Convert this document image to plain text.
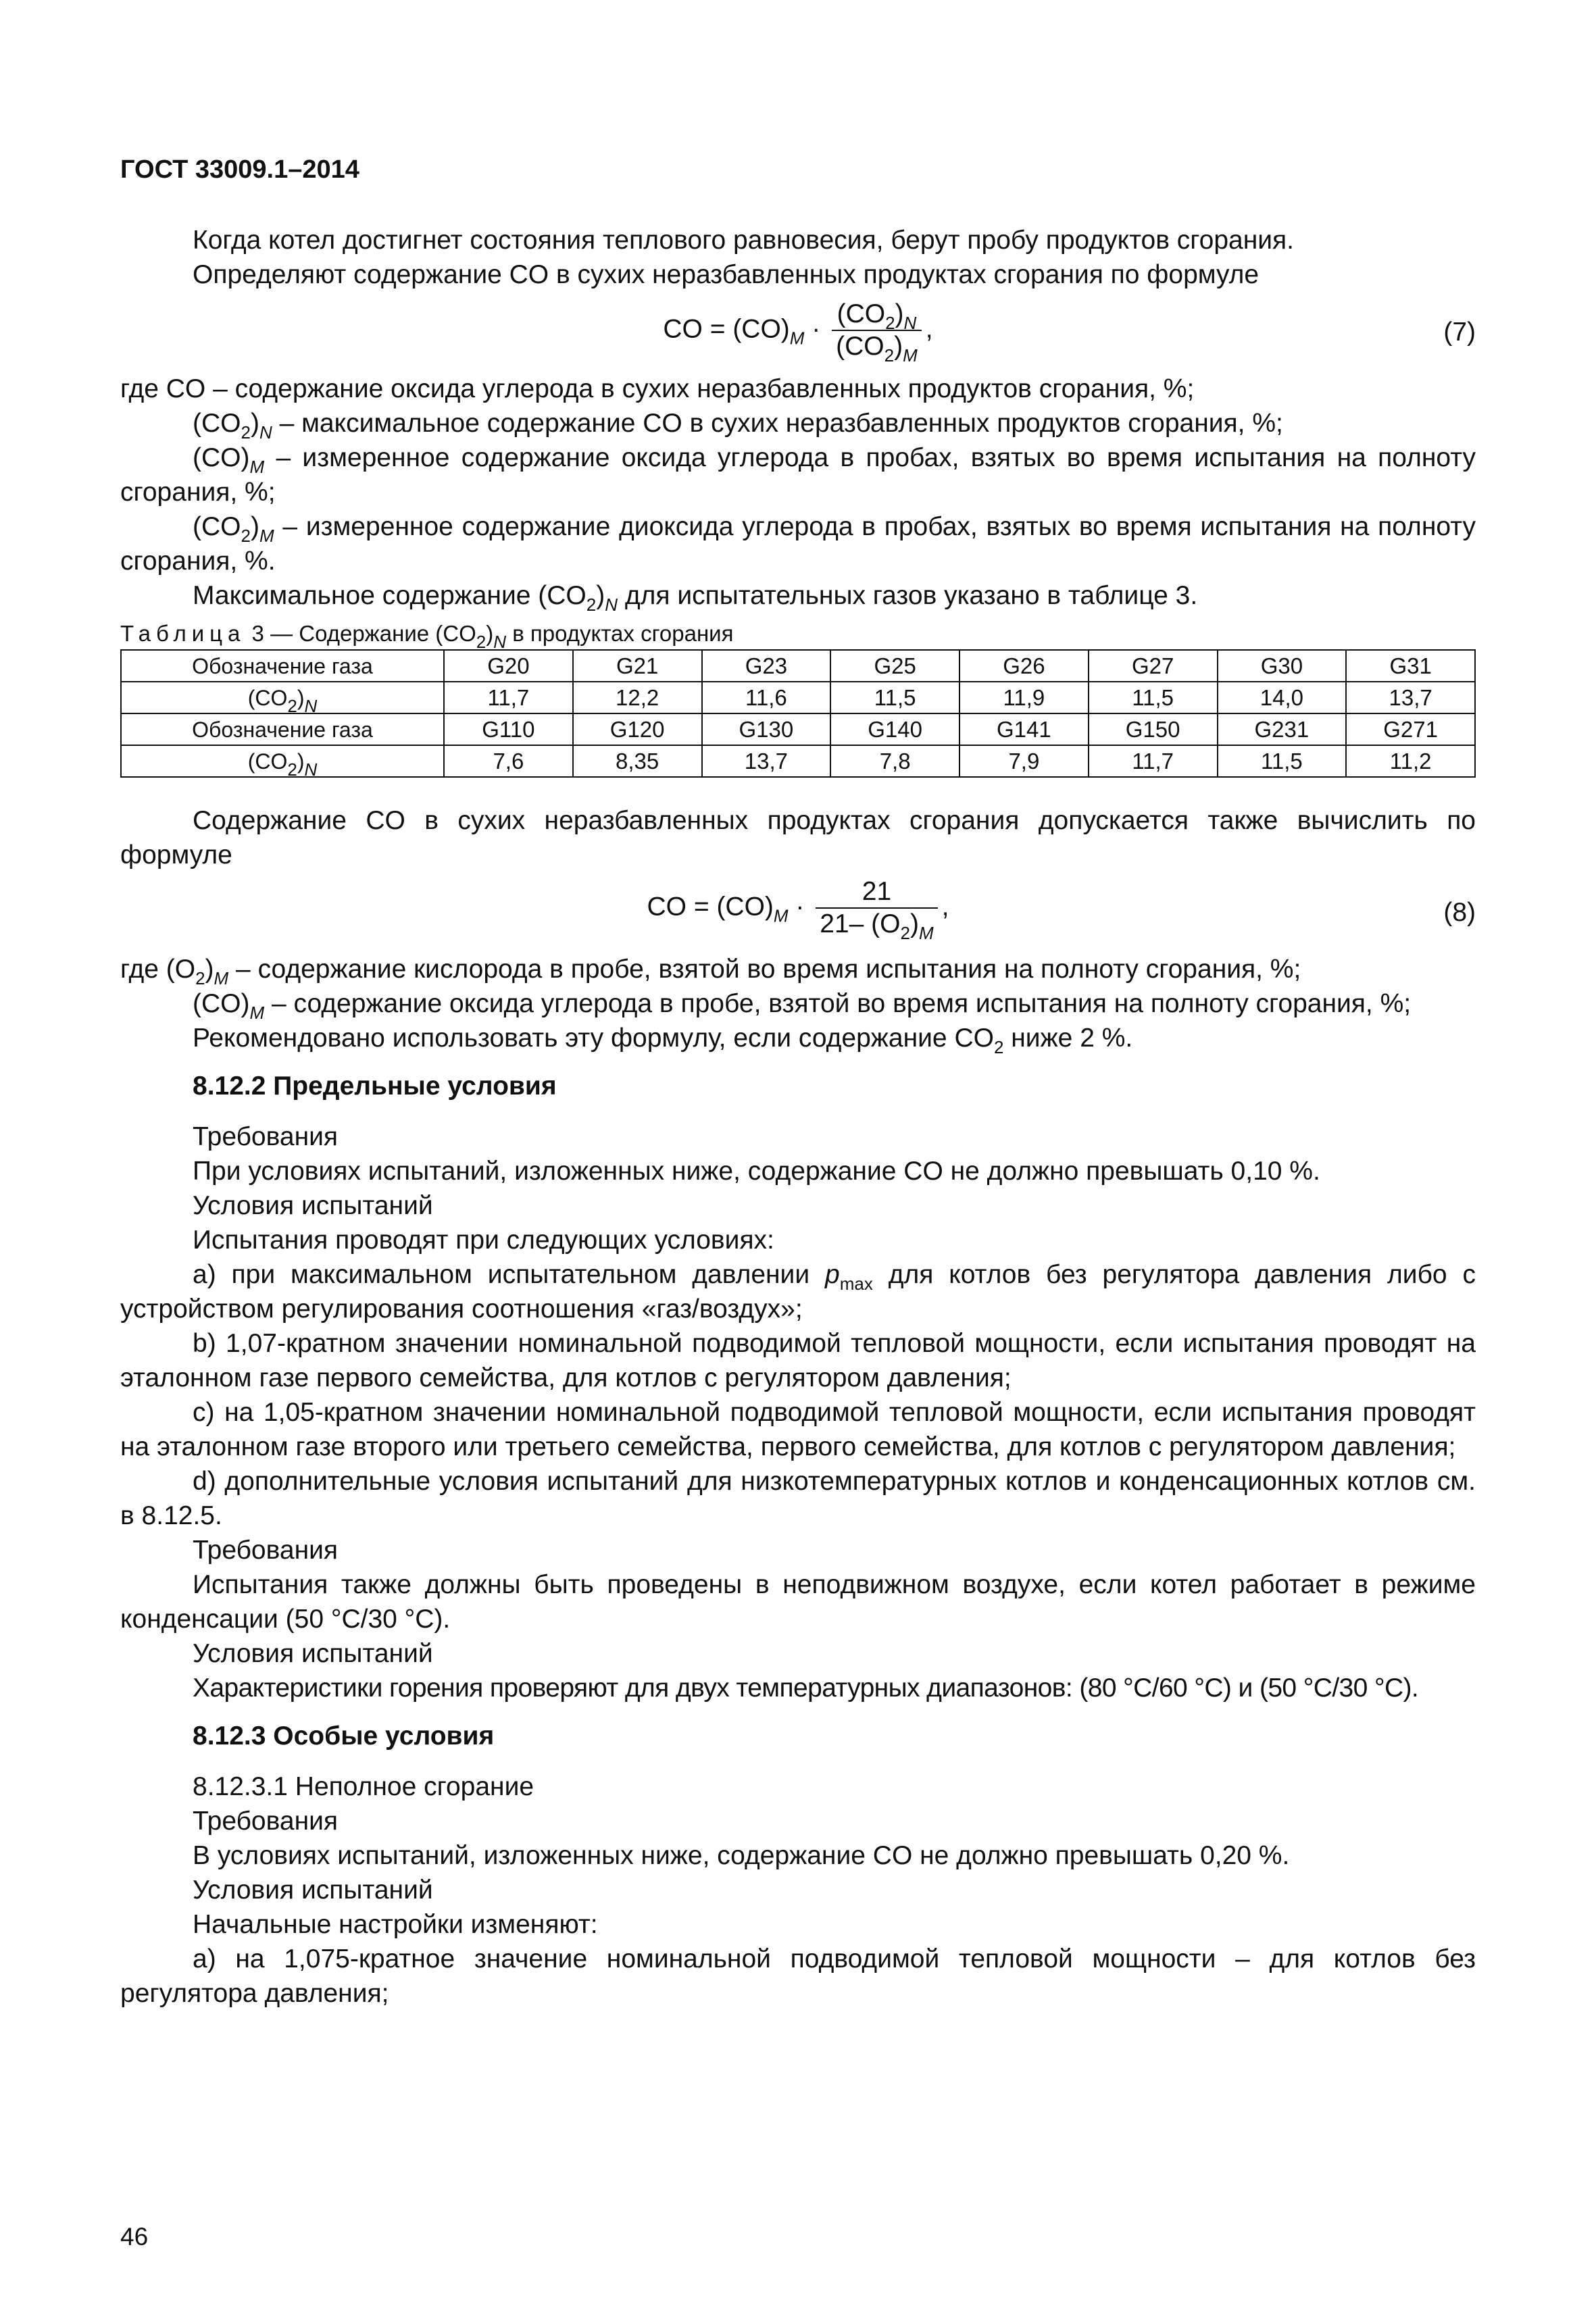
ГОСТ 33009.1–2014

Когда котел достигнет состояния теплового равновесия, берут пробу продуктов сгорания.

Определяют содержание CO в сухих неразбавленных продуктах сгорания по формуле

CO = $(CO)_M \cdot \frac{(CO_2)_N}{(CO_2)_M}$ ,	(7)

где CO – содержание оксида углерода в сухих неразбавленных продуктов сгорания, %;

$(CO_2)_N$ – максимальное содержание CO в сухих неразбавленных продуктов сгорания, %;

$(CO)_M$ – измеренное содержание оксида углерода в пробах, взятых во время испытания на полноту сгорания, %;

$(CO_2)_M$ – измеренное содержание диоксида углерода в пробах, взятых во время испытания на полноту сгорания, %.

Максимальное содержание $(CO_2)_N$ для испытательных газов указано в таблице 3.

Таблица 3 — Содержание $(CO_2)_N$ в продуктах сгорания
Обозначение газа	G20	G21	G23	G25	G26	G27	G30	G31
$(CO_2)_N$	11,7	12,2	11,6	11,5	11,9	11,5	14,0	13,7
Обозначение газа	G110	G120	G130	G140	G141	G150	G231	G271
$(CO_2)_N$	7,6	8,35	13,7	7,8	7,9	11,7	11,5	11,2

Содержание CO в сухих неразбавленных продуктах сгорания допускается также вычислить по формуле

CO = $(CO)_M \cdot \frac{21}{21- (O_2)_M}$ ,	(8)

где $(O_2)_M$ – содержание кислорода в пробе, взятой во время испытания на полноту сгорания, %;

$(CO)_M$ – содержание оксида углерода в пробе, взятой во время испытания на полноту сгорания, %;

Рекомендовано использовать эту формулу, если содержание $CO_2$ ниже 2 %.

8.12.2 Предельные условия

Требования

При условиях испытаний, изложенных ниже, содержание CO не должно превышать 0,10 %.

Условия испытаний

Испытания проводят при следующих условиях:

а) при максимальном испытательном давлении $p_{max}$ для котлов без регулятора давления либо с устройством регулирования соотношения «газ/воздух»;

b) 1,07-кратном значении номинальной подводимой тепловой мощности, если испытания проводят на эталонном газе первого семейства, для котлов с регулятором давления;

с) на 1,05-кратном значении номинальной подводимой тепловой мощности, если испытания проводят на эталонном газе второго или третьего семейства, первого семейства, для котлов с регулятором давления;

d) дополнительные условия испытаний для низкотемпературных котлов и конденсационных котлов см. в 8.12.5.

Требования

Испытания также должны быть проведены в неподвижном воздухе, если котел работает в режиме конденсации (50 °C/30 °C).

Условия испытаний

Характеристики горения проверяют для двух температурных диапазонов: (80 °C/60 °C) и (50 °C/30 °C).

8.12.3 Особые условия

8.12.3.1 Неполное сгорание

Требования

В условиях испытаний, изложенных ниже, содержание CO не должно превышать 0,20 %.

Условия испытаний

Начальные настройки изменяют:

а) на 1,075-кратное значение номинальной подводимой тепловой мощности – для котлов без регулятора давления;

46
